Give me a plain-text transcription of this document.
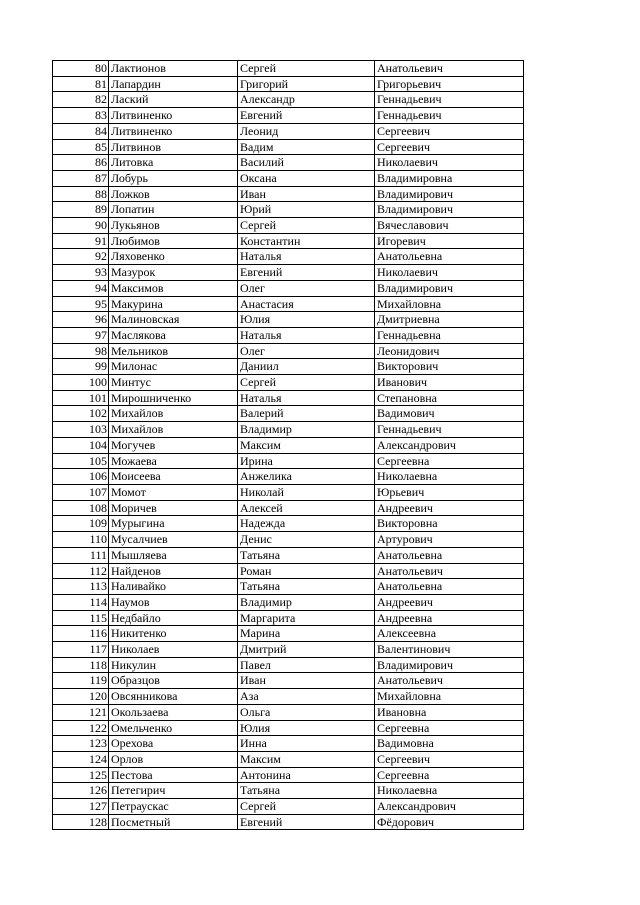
80	Лактионов	Сергей	Анатольевич
81	Лапардин	Григорий	Григорьевич
82	Лаский	Александр	Геннадьевич
83	Литвиненко	Евгений	Геннадьевич
84	Литвиненко	Леонид	Сергеевич
85	Литвинов	Вадим	Сергеевич
86	Литовка	Василий	Николаевич
87	Лобурь	Оксана	Владимировна
88	Ложков	Иван	Владимирович
89	Лопатин	Юрий	Владимирович
90	Лукьянов	Сергей	Вячеславович
91	Любимов	Константин	Игоревич
92	Ляховенко	Наталья	Анатольевна
93	Мазурок	Евгений	Николаевич
94	Максимов	Олег	Владимирович
95	Макурина	Анастасия	Михайловна
96	Малиновская	Юлия	Дмитриевна
97	Маслякова	Наталья	Геннадьевна
98	Мельников	Олег	Леонидович
99	Милонас	Даниил	Викторович
100	Минтус	Сергей	Иванович
101	Мирошниченко	Наталья	Степановна
102	Михайлов	Валерий	Вадимович
103	Михайлов	Владимир	Геннадьевич
104	Могучев	Максим	Александрович
105	Можаева	Ирина	Сергеевна
106	Моисеева	Анжелика	Николаевна
107	Момот	Николай	Юрьевич
108	Моричев	Алексей	Андреевич
109	Мурыгина	Надежда	Викторовна
110	Мусалчиев	Денис	Артурович
111	Мышляева	Татьяна	Анатольевна
112	Найденов	Роман	Анатольевич
113	Наливайко	Татьяна	Анатольевна
114	Наумов	Владимир	Андреевич
115	Недбайло	Маргарита	Андреевна
116	Никитенко	Марина	Алексеевна
117	Николаев	Дмитрий	Валентинович
118	Никулин	Павел	Владимирович
119	Образцов	Иван	Анатольевич
120	Овсянникова	Аза	Михайловна
121	Окользаева	Ольга	Ивановна
122	Омельченко	Юлия	Сергеевна
123	Орехова	Инна	Вадимовна
124	Орлов	Максим	Сергеевич
125	Пестова	Антонина	Сергеевна
126	Петегирич	Татьяна	Николаевна
127	Петраускас	Сергей	Александрович
128	Посметный	Евгений	Фёдорович
